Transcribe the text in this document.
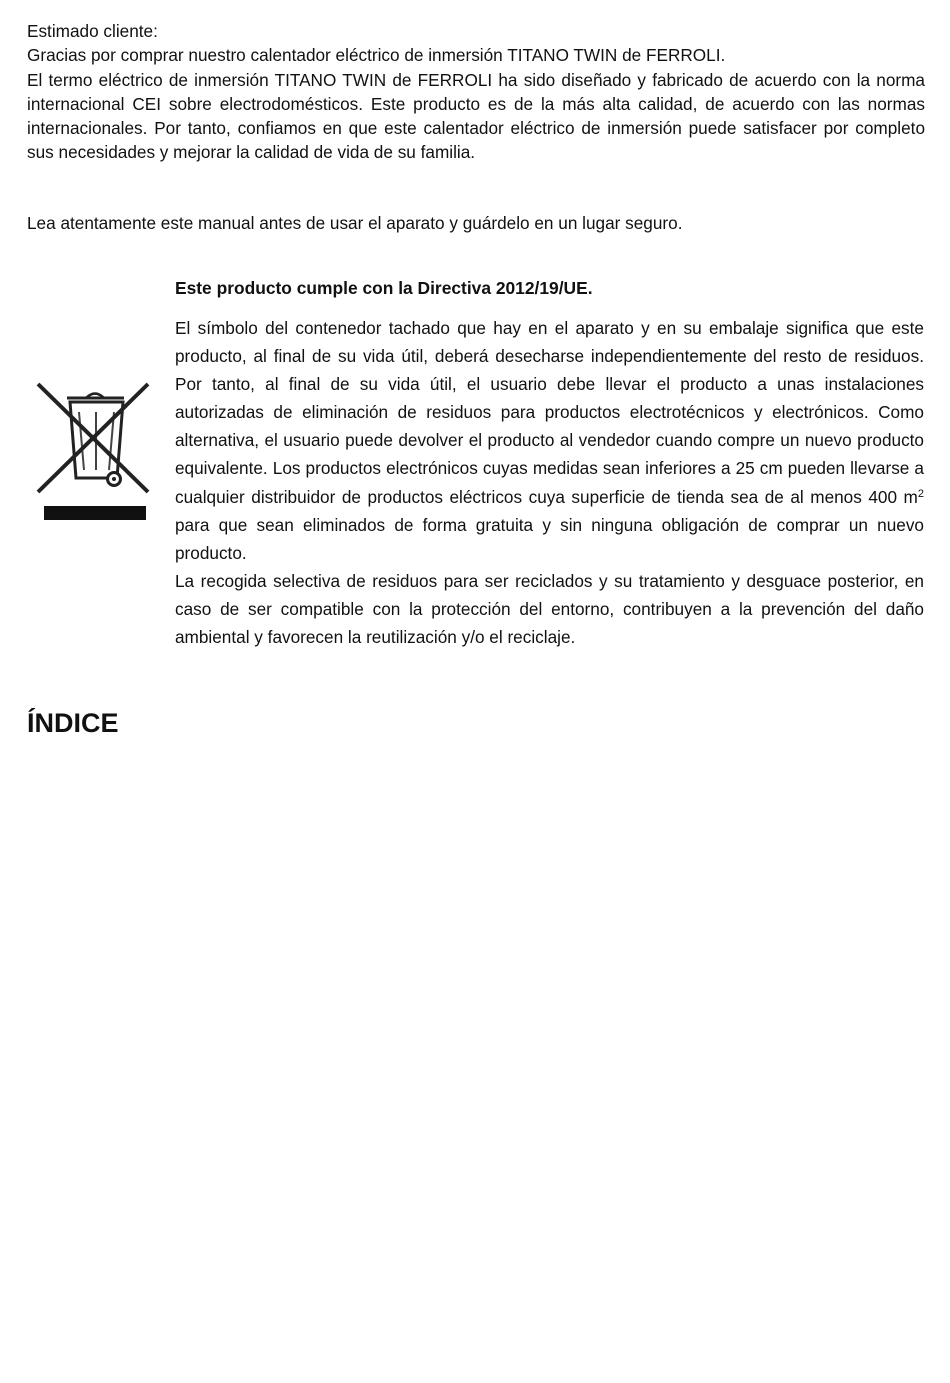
Estimado cliente:

Gracias por comprar nuestro calentador eléctrico de inmersión TITANO TWIN de FERROLI.

El termo eléctrico de inmersión TITANO TWIN de FERROLI ha sido diseñado y fabricado de acuerdo con la norma internacional CEI sobre electrodomésticos. Este producto es de la más alta calidad, de acuerdo con las normas internacionales. Por tanto, confiamos en que este calentador eléctrico de inmersión puede satisfacer por completo sus necesidades y mejorar la calidad de vida de su familia.

Lea atentamente este manual antes de usar el aparato y guárdelo en un lugar seguro.

Este producto cumple con la Directiva 2012/19/UE.

El símbolo del contenedor tachado que hay en el aparato y en su embalaje significa que este producto, al final de su vida útil, deberá desecharse independientemente del resto de residuos. Por tanto, al final de su vida útil, el usuario debe llevar el producto a unas instalaciones autorizadas de eliminación de residuos para productos electrotécnicos y electrónicos. Como alternativa, el usuario puede devolver el producto al vendedor cuando compre un nuevo producto equivalente. Los productos electrónicos cuyas medidas sean inferiores a 25 cm pueden llevarse a cualquier distribuidor de productos eléctricos cuya superficie de tienda sea de al menos 400 $m^2$ para que sean eliminados de forma gratuita y sin ninguna obligación de comprar un nuevo producto.

La recogida selectiva de residuos para ser reciclados y su tratamiento y desguace posterior, en caso de ser compatible con la protección del entorno, contribuyen a la prevención del daño ambiental y favorecen la reutilización y/o el reciclaje.

ÍNDICE
